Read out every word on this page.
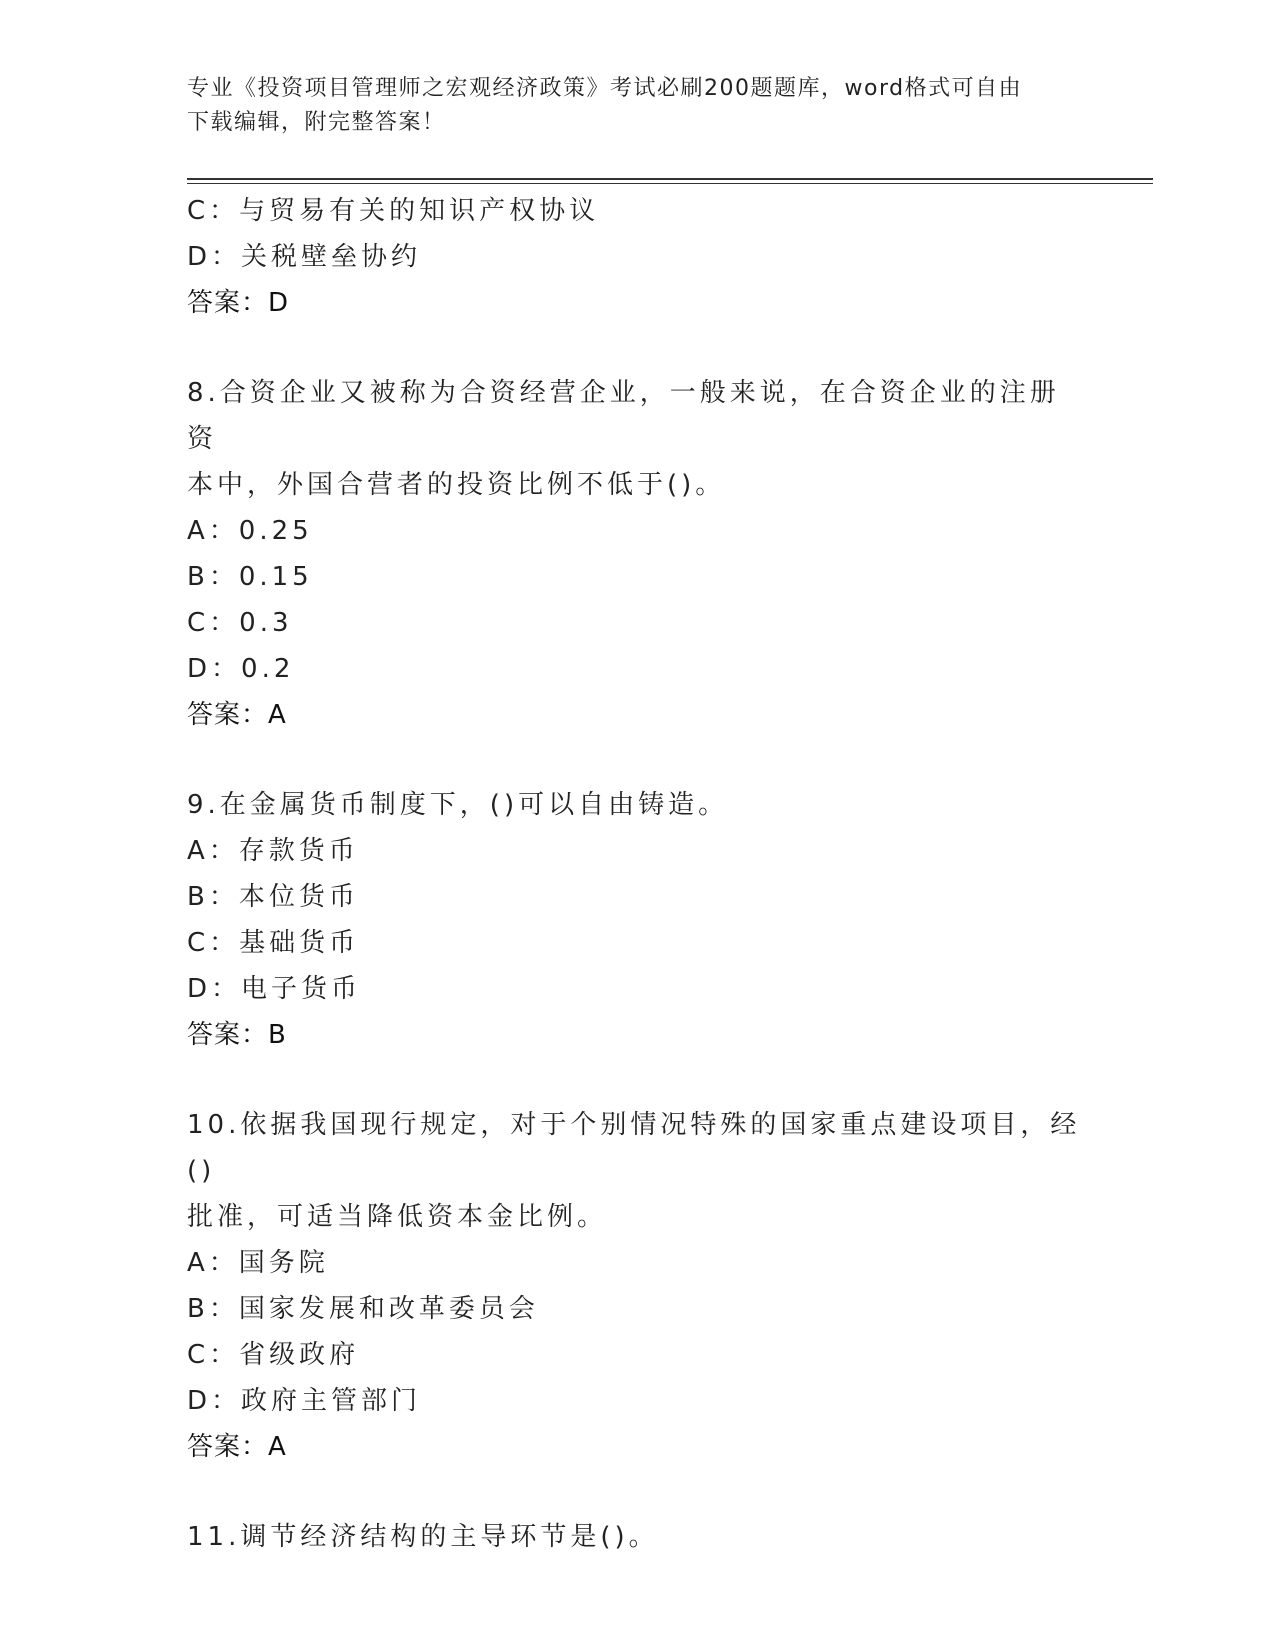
专业《投资项目管理师之宏观经济政策》考试必刷200题题库，word格式可自由
下载编辑，附完整答案！
C：与贸易有关的知识产权协议
D：关税壁垒协约
答案：D
8.合资企业又被称为合资经营企业，一般来说，在合资企业的注册资
本中，外国合营者的投资比例不低于()。
A：0.25
B：0.15
C：0.3
D：0.2
答案：A
9.在金属货币制度下，()可以自由铸造。
A：存款货币
B：本位货币
C：基础货币
D：电子货币
答案：B
10.依据我国现行规定，对于个别情况特殊的国家重点建设项目，经()
批准，可适当降低资本金比例。
A：国务院
B：国家发展和改革委员会
C：省级政府
D：政府主管部门
答案：A
11.调节经济结构的主导环节是()。
